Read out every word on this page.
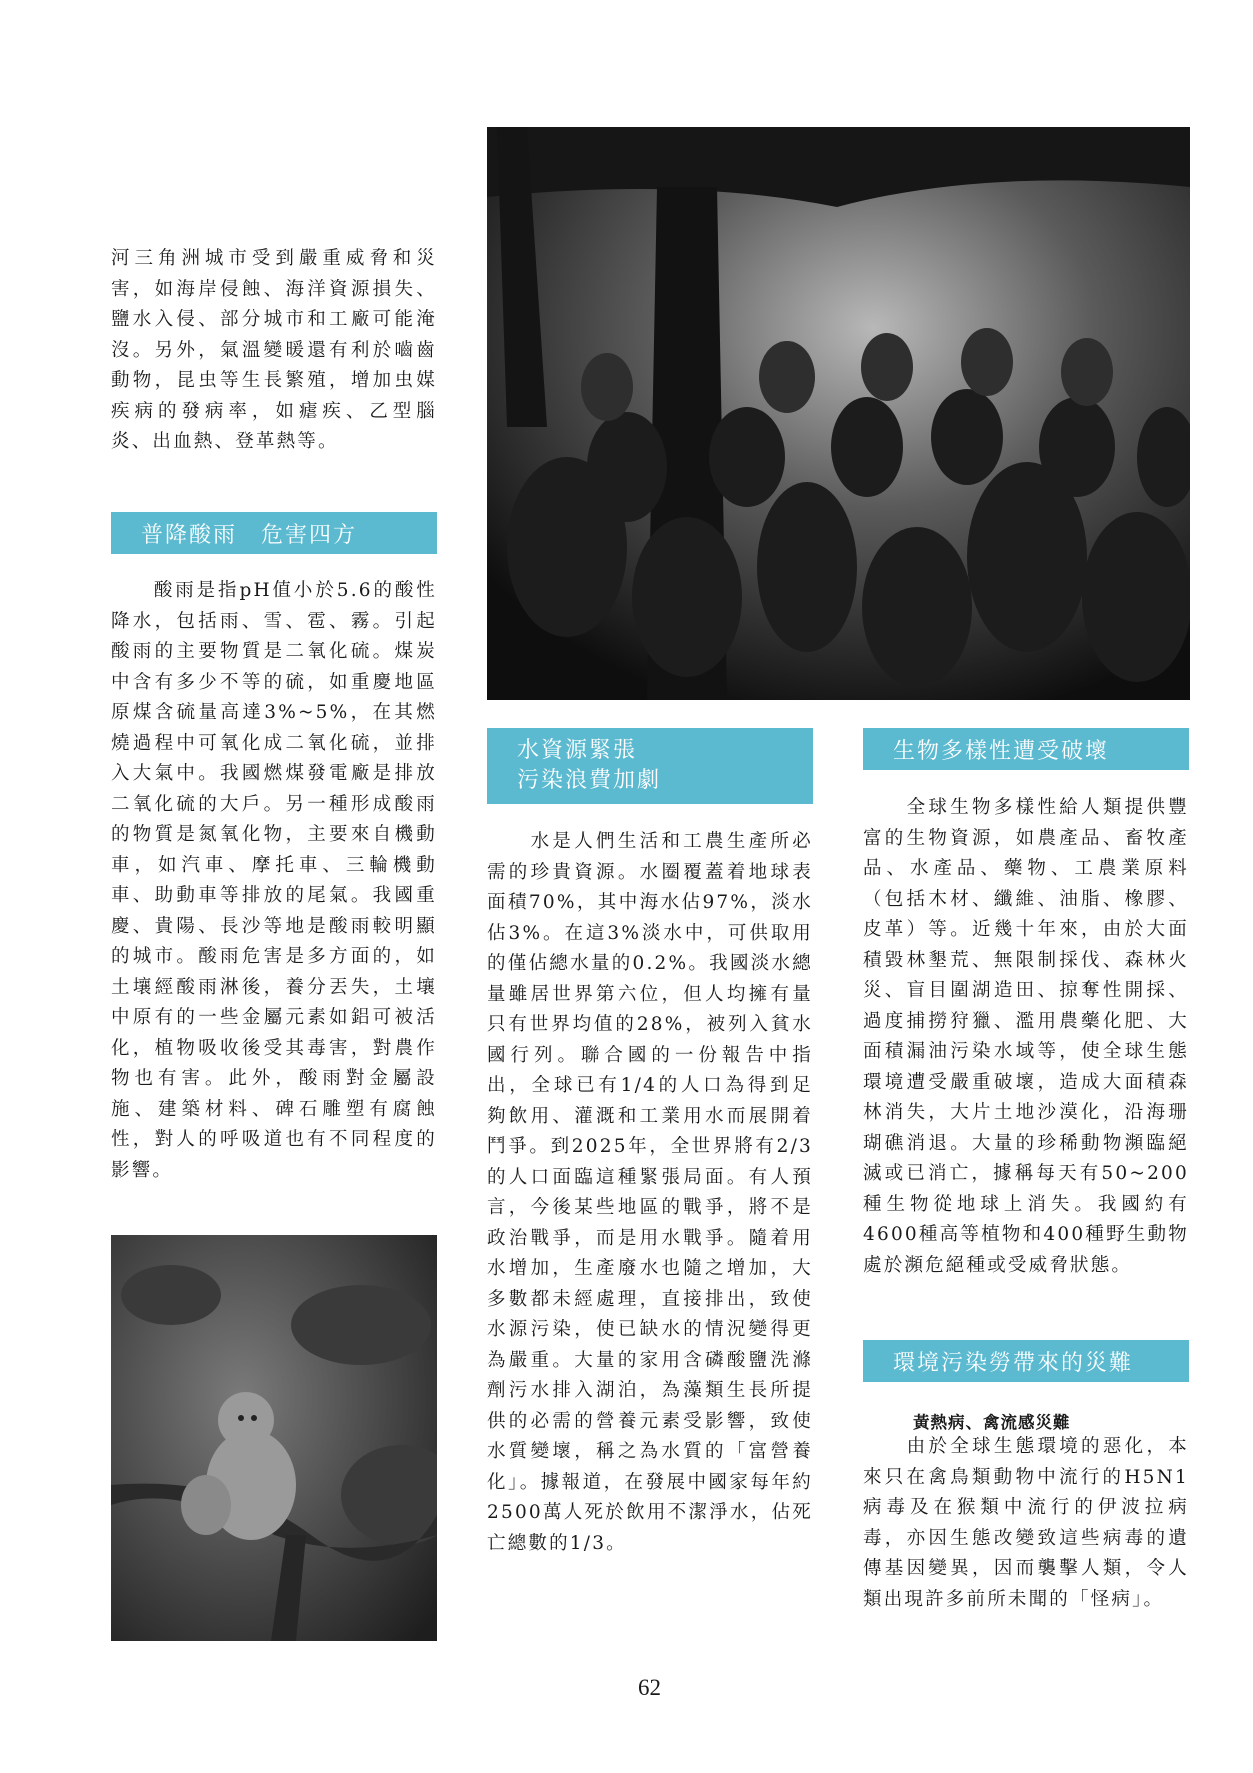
河三角洲城市受到嚴重威脅和災害，如海岸侵蝕、海洋資源損失、鹽水入侵、部分城市和工廠可能淹沒。另外，氣溫變暖還有利於嚙齒動物，昆虫等生長繁殖，增加虫媒疾病的發病率，如瘧疾、乙型腦炎、出血熱、登革熱等。

普降酸雨　危害四方

　　酸雨是指pH值小於5.6的酸性降水，包括雨、雪、雹、霧。引起酸雨的主要物質是二氧化硫。煤炭中含有多少不等的硫，如重慶地區原煤含硫量高達3%~5%，在其燃燒過程中可氧化成二氧化硫，並排入大氣中。我國燃煤發電廠是排放二氧化硫的大戶。另一種形成酸雨的物質是氮氧化物，主要來自機動車，如汽車、摩托車、三輪機動車、助動車等排放的尾氣。我國重慶、貴陽、長沙等地是酸雨較明顯的城市。酸雨危害是多方面的，如土壤經酸雨淋後，養分丟失，土壤中原有的一些金屬元素如鋁可被活化，植物吸收後受其毒害，對農作物也有害。此外，酸雨對金屬設施、建築材料、碑石雕塑有腐蝕性，對人的呼吸道也有不同程度的影響。

水資源緊張
污染浪費加劇

　　水是人們生活和工農生產所必需的珍貴資源。水圈覆蓋着地球表面積70%，其中海水佔97%，淡水佔3%。在這3%淡水中，可供取用的僅佔總水量的0.2%。我國淡水總量雖居世界第六位，但人均擁有量只有世界均值的28%，被列入貧水國行列。聯合國的一份報告中指出，全球已有1/4的人口為得到足夠飲用、灌溉和工業用水而展開着鬥爭。到2025年，全世界將有2/3的人口面臨這種緊張局面。有人預言，今後某些地區的戰爭，將不是政治戰爭，而是用水戰爭。隨着用水增加，生產廢水也隨之增加，大多數都未經處理，直接排出，致使水源污染，使已缺水的情況變得更為嚴重。大量的家用含磷酸鹽洗滌劑污水排入湖泊，為藻類生長所提供的必需的營養元素受影響，致使水質變壞，稱之為水質的「富營養化」。據報道，在發展中國家每年約2500萬人死於飲用不潔淨水，佔死亡總數的1/3。

生物多樣性遭受破壞

　　全球生物多樣性給人類提供豐富的生物資源，如農產品、畜牧產品、水產品、藥物、工農業原料（包括木材、纖維、油脂、橡膠、皮革）等。近幾十年來，由於大面積毀林墾荒、無限制採伐、森林火災、盲目圍湖造田、掠奪性開採、過度捕撈狩獵、濫用農藥化肥、大面積漏油污染水域等，使全球生態環境遭受嚴重破壞，造成大面積森林消失，大片土地沙漠化，沿海珊瑚礁消退。大量的珍稀動物瀕臨絕滅或已消亡，據稱每天有50~200種生物從地球上消失。我國約有4600種高等植物和400種野生動物處於瀕危絕種或受威脅狀態。

環境污染勞帶來的災難
黃熱病、禽流感災難

　　由於全球生態環境的惡化，本來只在禽鳥類動物中流行的H5N1病毒及在猴類中流行的伊波拉病毒，亦因生態改變致這些病毒的遺傳基因變異，因而襲擊人類，令人類出現許多前所未聞的「怪病」。

62
